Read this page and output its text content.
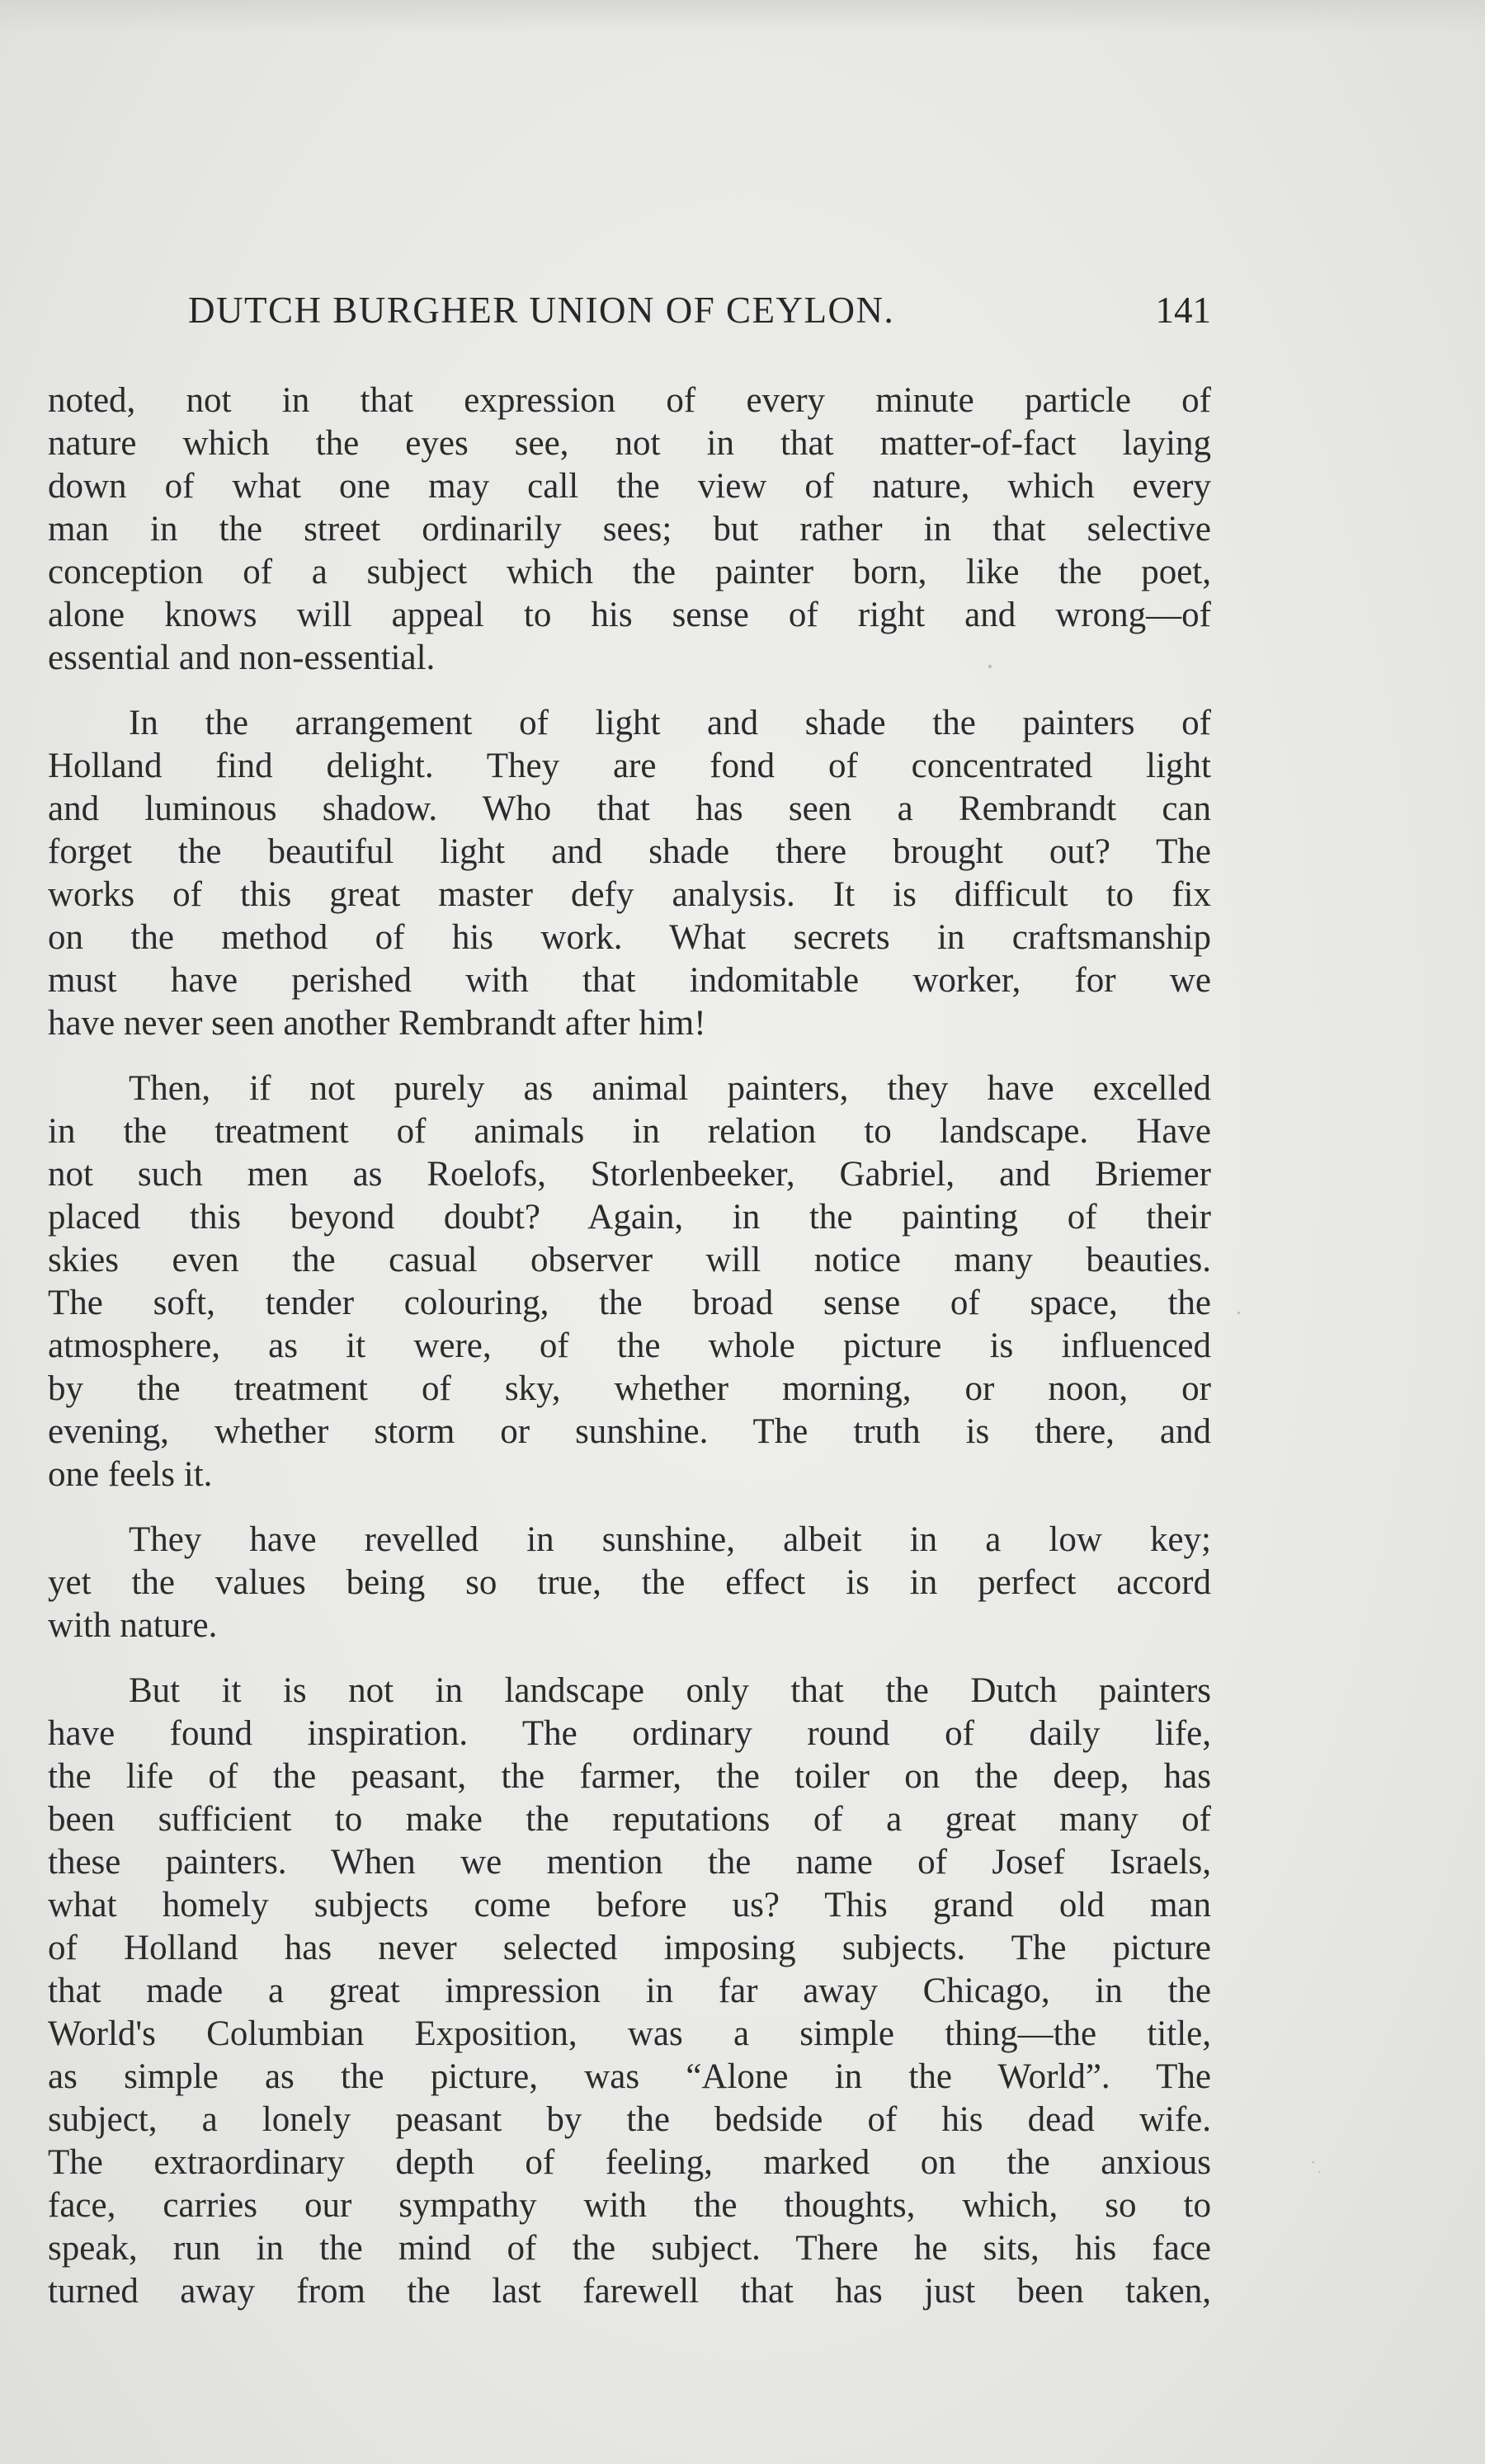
DUTCH BURGHER UNION OF CEYLON.	141
noted, not in that expression of every minute particle of
nature which the eyes see, not in that matter-of-fact laying
down of what one may call the view of nature, which every
man in the street ordinarily sees; but rather in that selective
conception of a subject which the painter born, like the poet,
alone knows will appeal to his sense of right and wrong—of
essential and non-essential.
In the arrangement of light and shade the painters of
Holland find delight. They are fond of concentrated light
and luminous shadow. Who that has seen a Rembrandt can
forget the beautiful light and shade there brought out? The
works of this great master defy analysis. It is difficult to fix
on the method of his work. What secrets in craftsmanship
must have perished with that indomitable worker, for we
have never seen another Rembrandt after him!
Then, if not purely as animal painters, they have excelled
in the treatment of animals in relation to landscape. Have
not such men as Roelofs, Storlenbeeker, Gabriel, and Briemer
placed this beyond doubt? Again, in the painting of their
skies even the casual observer will notice many beauties.
The soft, tender colouring, the broad sense of space, the
atmosphere, as it were, of the whole picture is influenced
by the treatment of sky, whether morning, or noon, or
evening, whether storm or sunshine. The truth is there, and
one feels it.
They have revelled in sunshine, albeit in a low key;
yet the values being so true, the effect is in perfect accord
with nature.
But it is not in landscape only that the Dutch painters
have found inspiration. The ordinary round of daily life,
the life of the peasant, the farmer, the toiler on the deep, has
been sufficient to make the reputations of a great many of
these painters. When we mention the name of Josef Israels,
what homely subjects come before us? This grand old man
of Holland has never selected imposing subjects. The picture
that made a great impression in far away Chicago, in the
World's Columbian Exposition, was a simple thing—the title,
as simple as the picture, was “Alone in the World”. The
subject, a lonely peasant by the bedside of his dead wife.
The extraordinary depth of feeling, marked on the anxious
face, carries our sympathy with the thoughts, which, so to
speak, run in the mind of the subject. There he sits, his face
turned away from the last farewell that has just been taken,
